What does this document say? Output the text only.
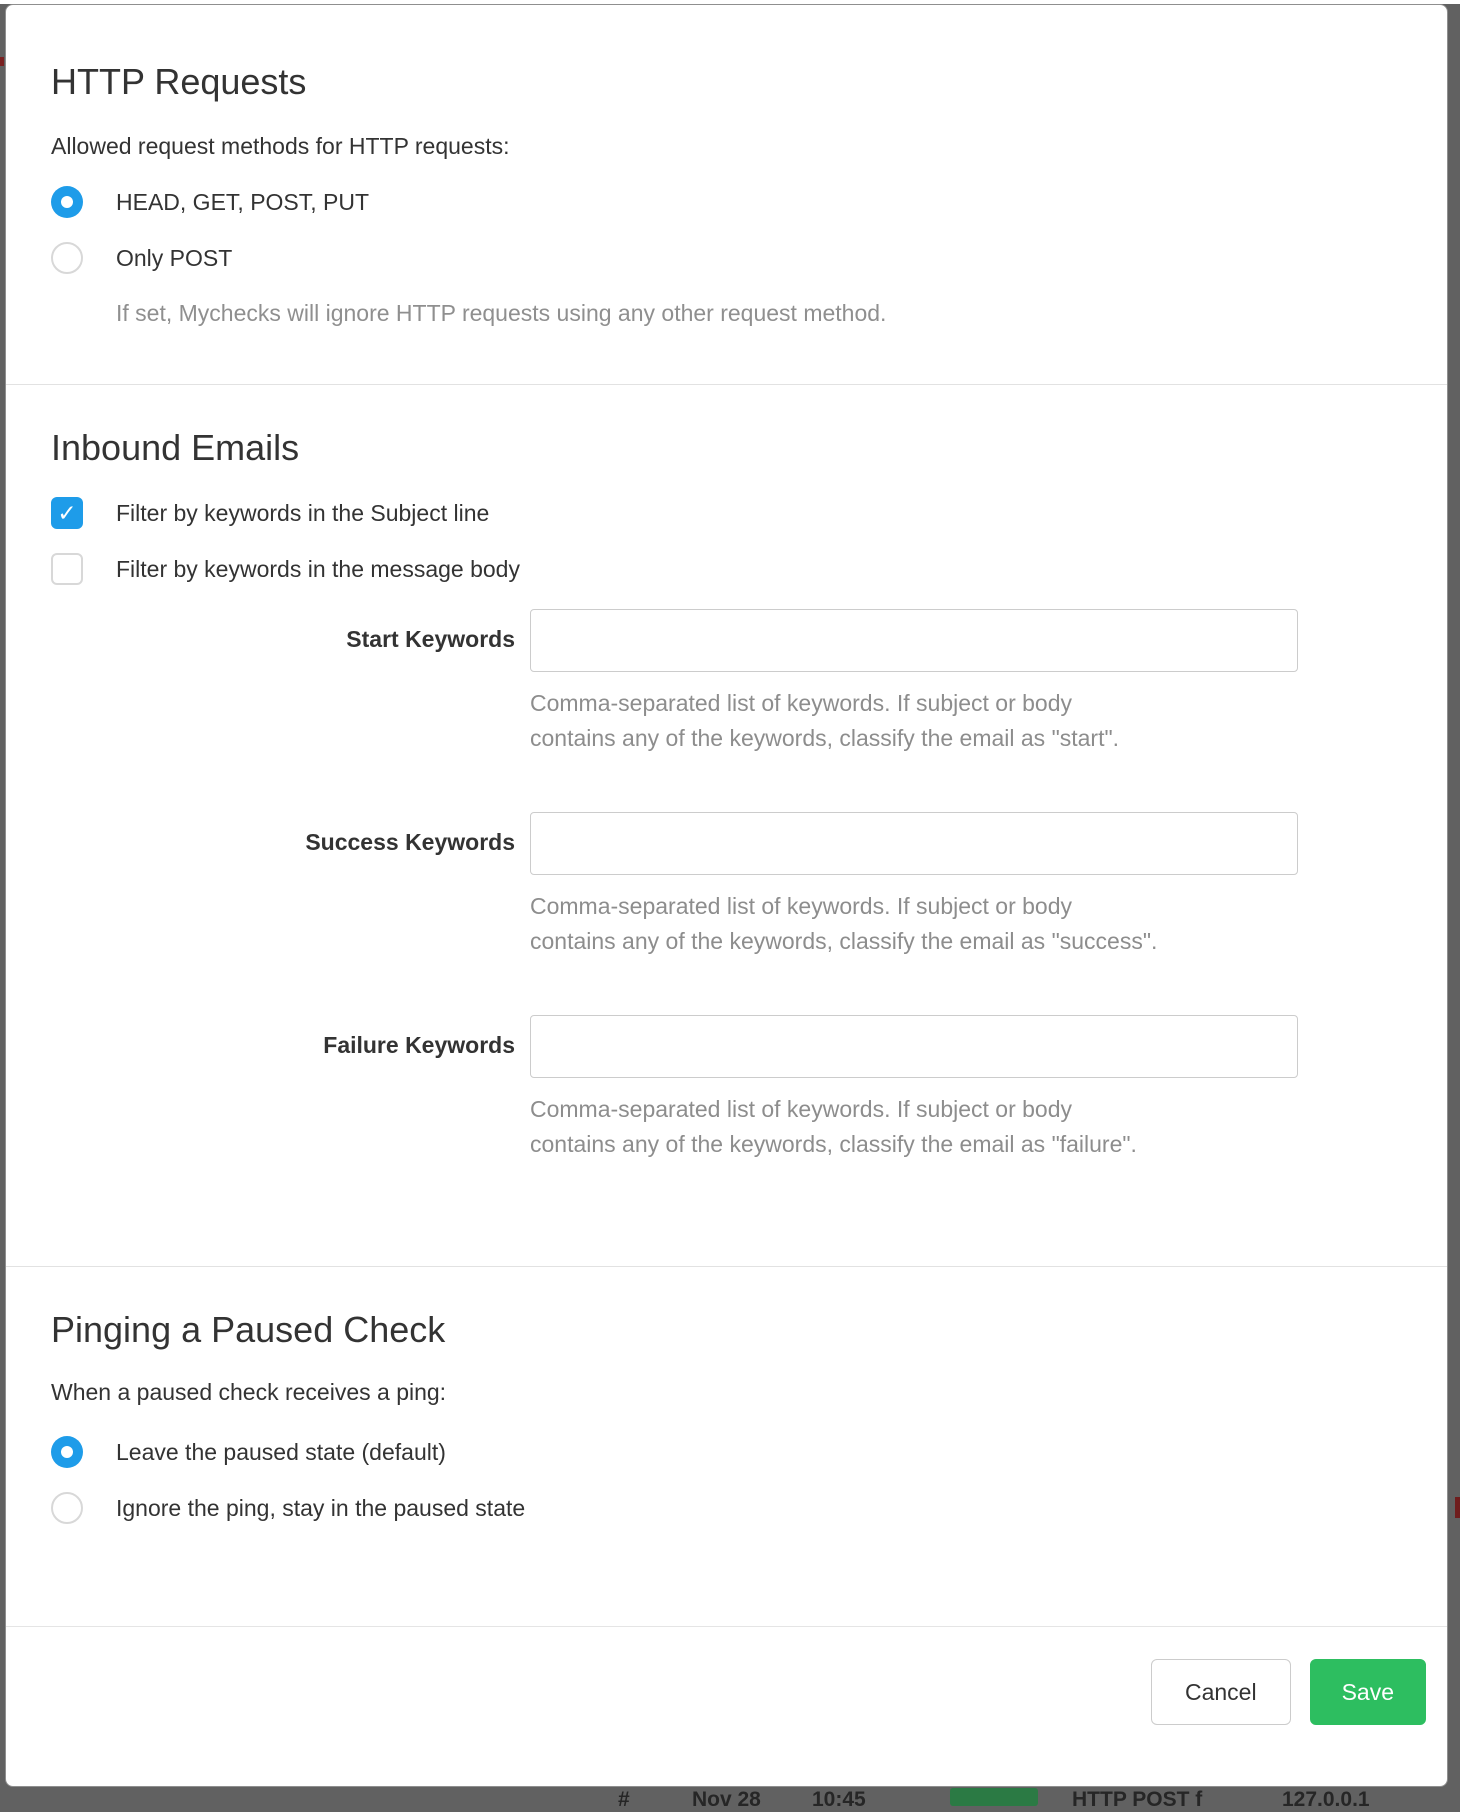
HTTP Requests

Allowed request methods for HTTP requests:

HEAD, GET, POST, PUT
Only POST
If set, Mychecks will ignore HTTP requests using any other request method.
Inbound Emails
✓
Filter by keywords in the Subject line
Filter by keywords in the message body
Start Keywords
Comma-separated list of keywords. If subject or body
contains any of the keywords, classify the email as "start".
Success Keywords
Comma-separated list of keywords. If subject or body
contains any of the keywords, classify the email as "success".
Failure Keywords
Comma-separated list of keywords. If subject or body
contains any of the keywords, classify the email as "failure".
Pinging a Paused Check

When a paused check receives a ping:

Leave the paused state (default)
Ignore the ping, stay in the paused state
Cancel	Save
#	Nov 28 10:45	HTTP POST f	127.0.0.1
